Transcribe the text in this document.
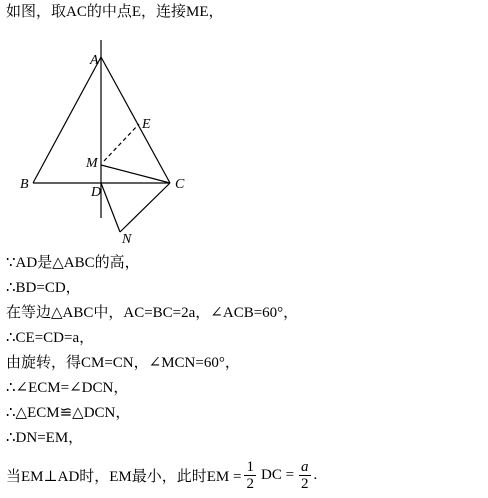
如图，取AC的中点E，连接ME，
A
E
M
B
D
C
N
∵AD是△ABC的高，
∴BD=CD，
在等边△ABC中，AC=BC=2a，∠ACB=60°，
∴CE=CD=a，
由旋转，得CM=CN，∠MCN=60°，
∴∠ECM=∠DCN，
∴△ECM≌△DCN，
∴DN=EM，
当EM⊥AD时，EM最小，此时EM = $\frac{1}{2}$ DC = $\frac{a}{2}$ .
